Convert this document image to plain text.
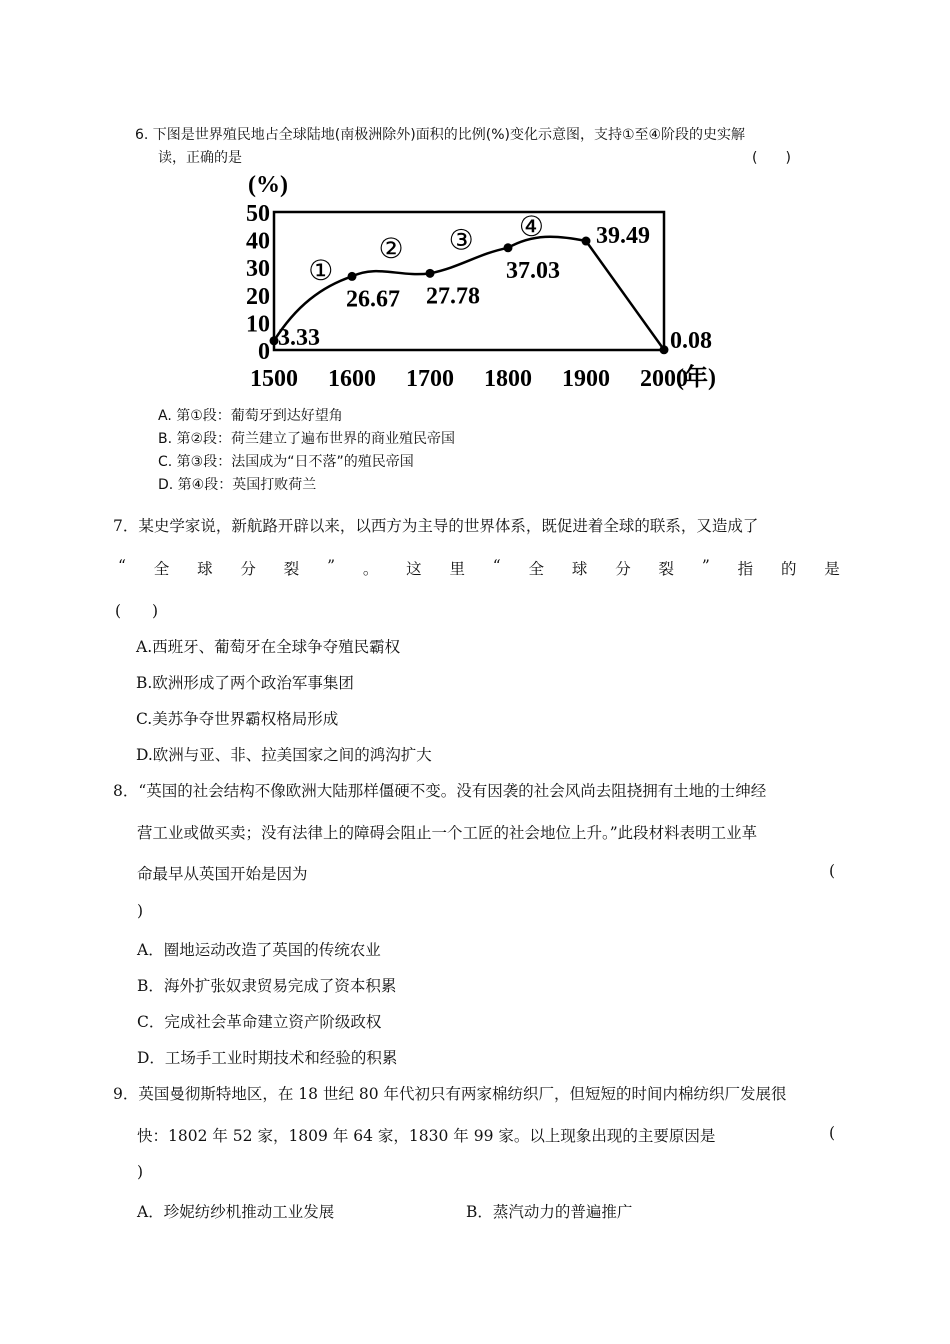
6. 下图是世界殖民地占全球陆地(南极洲除外)面积的比例(%)变化示意图，支持①至④阶段的史实解
读，正确的是	(　　)
(%)
50
40
30
20
10
0
1500 1600 1700 1800 1900 2000
(年)
3.33
26.67 27.78
37.03
39.49
0.08
①
② ③ ④
A. 第①段：葡萄牙到达好望角
B. 第②段：荷兰建立了遍布世界的商业殖民帝国
C. 第③段：法国成为“日不落”的殖民帝国
D. 第④段：英国打败荷兰
7．某史学家说，新航路开辟以来，以西方为主导的世界体系，既促进着全球的联系，又造成了
“ 全 球 分 裂 ” 。 这 里 “ 全 球 分 裂 ” 指 的 是
(　　)
A.西班牙、葡萄牙在全球争夺殖民霸权
B.欧洲形成了两个政治军事集团
C.美苏争夺世界霸权格局形成
D.欧洲与亚、非、拉美国家之间的鸿沟扩大
8．“英国的社会结构不像欧洲大陆那样僵硬不变。没有因袭的社会风尚去阻挠拥有土地的士绅经
营工业或做买卖；没有法律上的障碍会阻止一个工匠的社会地位上升。”此段材料表明工业革
命最早从英国开始是因为	(
)
A．圈地运动改造了英国的传统农业
B．海外扩张奴隶贸易完成了资本积累
C．完成社会革命建立资产阶级政权
D．工场手工业时期技术和经验的积累
9．英国曼彻斯特地区，在 18 世纪 80 年代初只有两家棉纺织厂，但短短的时间内棉纺织厂发展很
快：1802 年 52 家，1809 年 64 家，1830 年 99 家。以上现象出现的主要原因是	(
)
A．珍妮纺纱机推动工业发展	B．蒸汽动力的普遍推广
